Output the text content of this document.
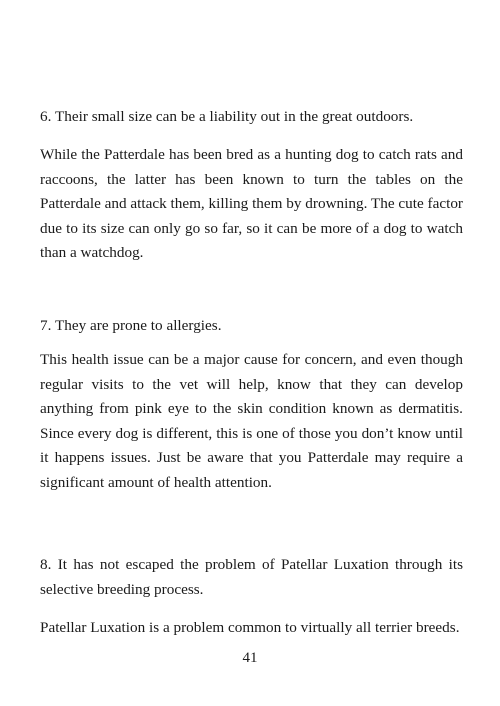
6. Their small size can be a liability out in the great outdoors.

While the Patterdale has been bred as a hunting dog to catch rats and raccoons, the latter has been known to turn the tables on the Patterdale and attack them, killing them by drowning. The cute factor due to its size can only go so far, so it can be more of a dog to watch than a watchdog.

7. They are prone to allergies.

This health issue can be a major cause for concern, and even though regular visits to the vet will help, know that they can develop anything from pink eye to the skin condition known as dermatitis. Since every dog is different, this is one of those you don’t know until it happens issues. Just be aware that you Patterdale may require a significant amount of health attention.

8. It has not escaped the problem of Patellar Luxation through its selective breeding process.

Patellar Luxation is a problem common to virtually all terrier breeds.

41
